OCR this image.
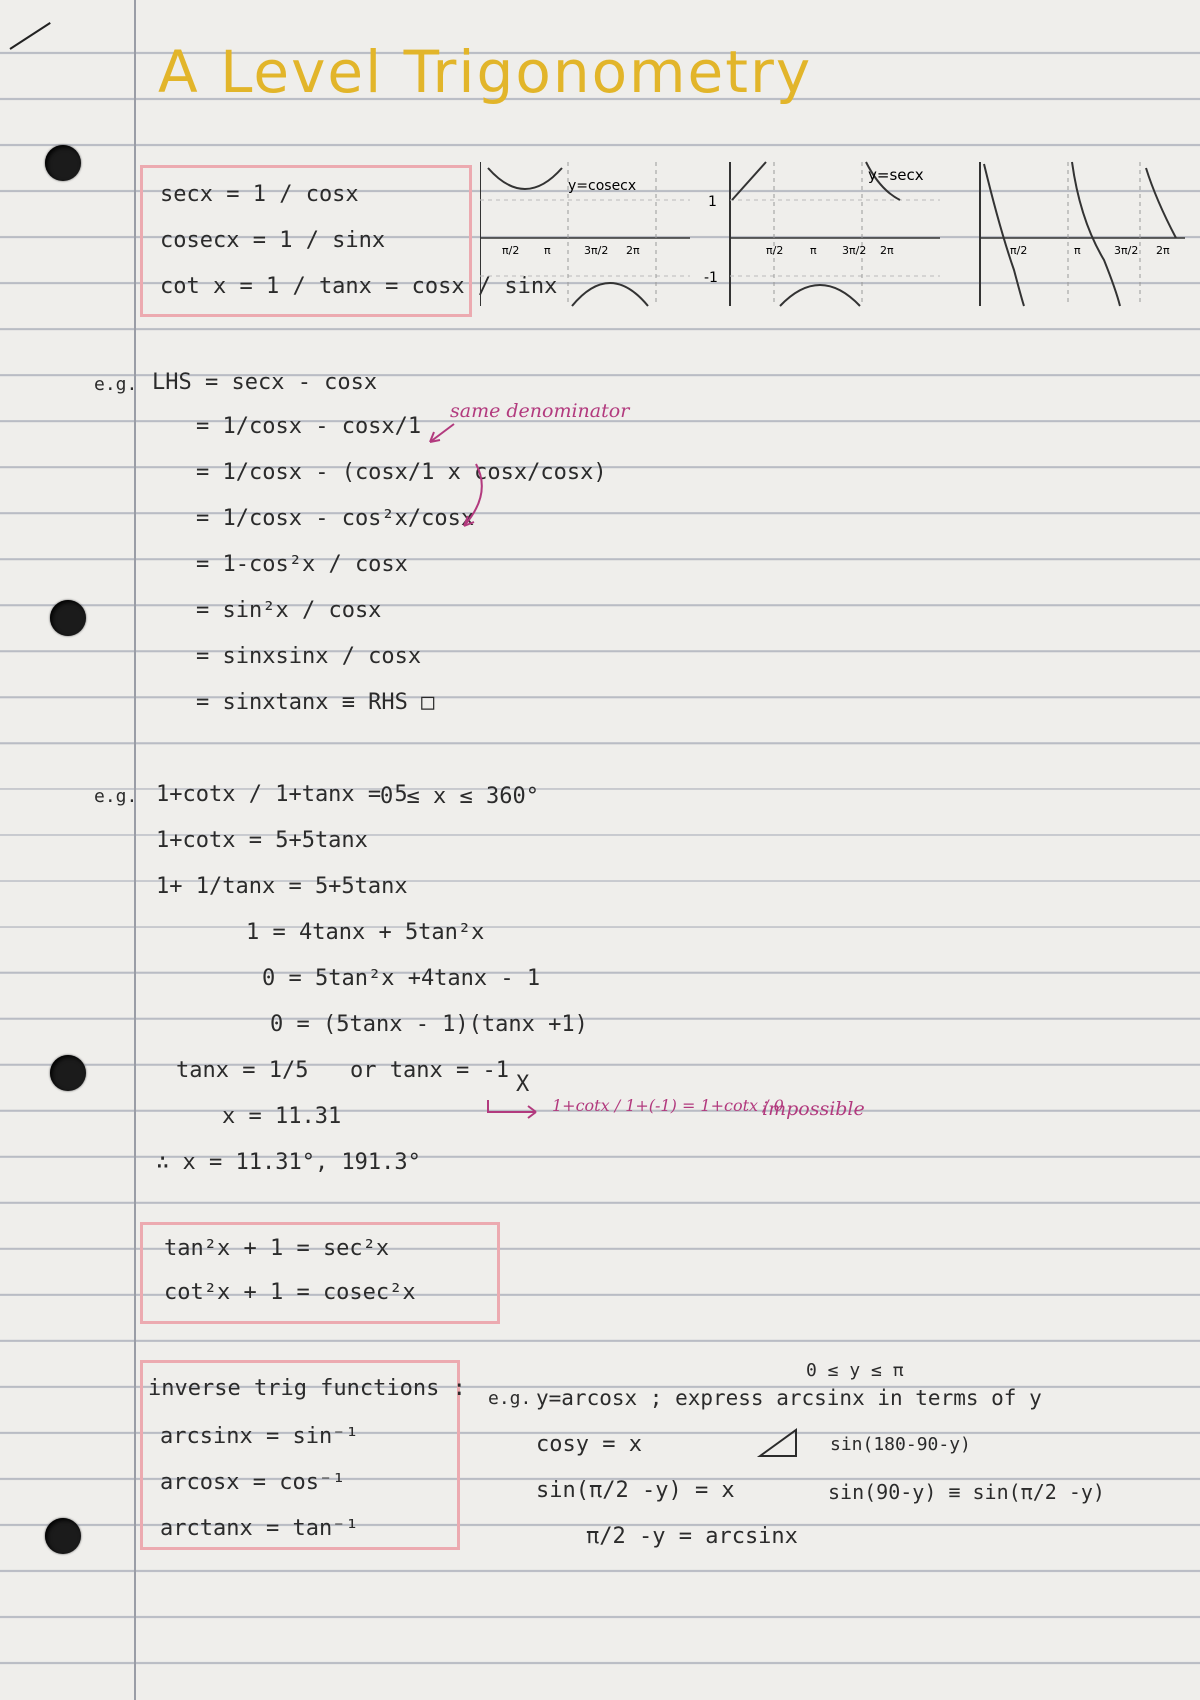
A Level Trigonometry
secx = 1 / cosx
cosecx = 1 / sinx
cot x = 1 / tanx = cosx / sinx
y=cosecx
π/2 π	3π/2 2π
1
-1
y=secx
π/2 π 3π/2 2π	π/2	π	3π/2 2π
e.g. LHS = secx - cosx
= 1/cosx - cosx/1
= 1/cosx - (cosx/1 x cosx/cosx)
= 1/cosx - cos²x/cosx
= 1-cos²x / cosx
= sin²x / cosx
= sinxsinx / cosx
= sinxtanx ≡ RHS □
same denominator
e.g. 1+cotx / 1+tanx = 5
0 ≤ x ≤ 360°
1+cotx = 5+5tanx
1+ 1/tanx = 5+5tanx
1 = 4tanx + 5tan²x
0 = 5tan²x +4tanx - 1
0 = (5tanx - 1)(tanx +1)
tanx = 1/5 or tanx = -1
x = 11.31
∴ x = 11.31°, 191.3°
X
1+cotx / 1+(-1) = 1+cotx / 0
impossible
tan²x + 1 = sec²x
cot²x + 1 = cosec²x
inverse trig functions :
arcsinx = sin⁻¹
arcosx = cos⁻¹
arctanx = tan⁻¹
e.g.
0 ≤ y ≤ π
y=arcosx ; express arcsinx in terms of y
cosy = x
sin(π/2 -y) = x
π/2 -y = arcsinx
sin(180-90-y)
sin(90-y) ≡ sin(π/2 -y)
